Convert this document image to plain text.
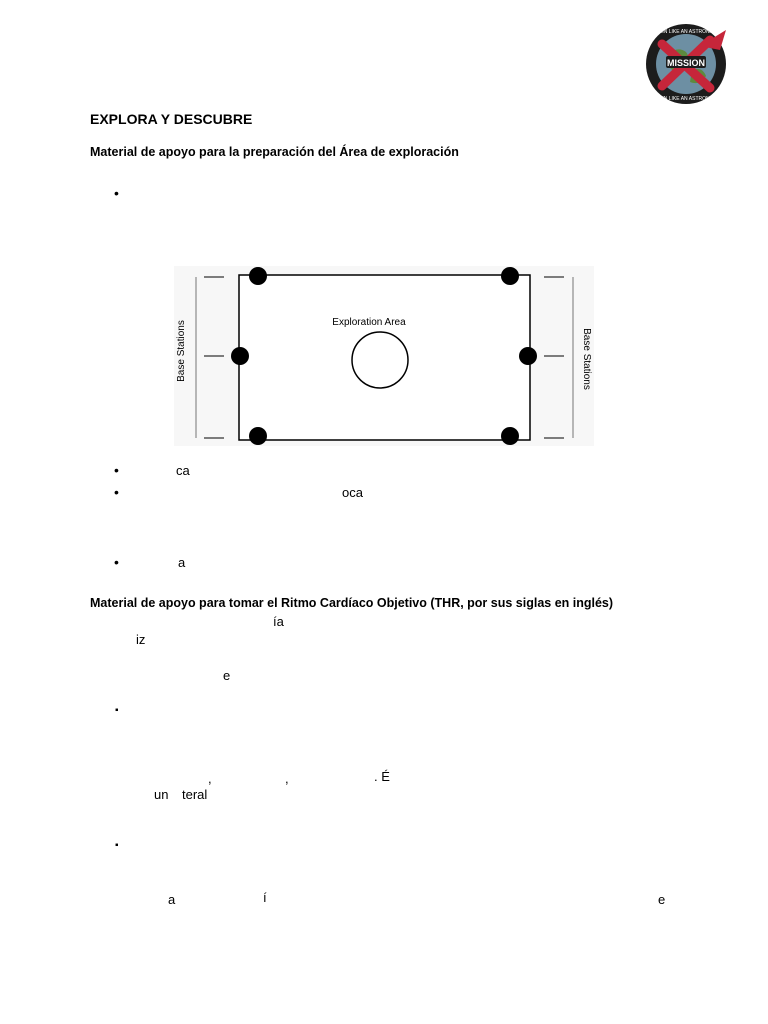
MISSION
TRAIN LIKE AN ASTRONAUT
TRAIN LIKE AN ASTRONAUT
EXPLORA Y DESCUBRE
Material de apoyo para la preparación del Área de exploración
•
Exploration Area
Base Stations	Base Stations
•	ca
•	oca
•	a
Material de apoyo para tomar el Ritmo Cardíaco Objetivo (THR, por sus siglas en inglés)
ía
iz
e
▪
,	,	. É
un teral
▪
a	í	e
